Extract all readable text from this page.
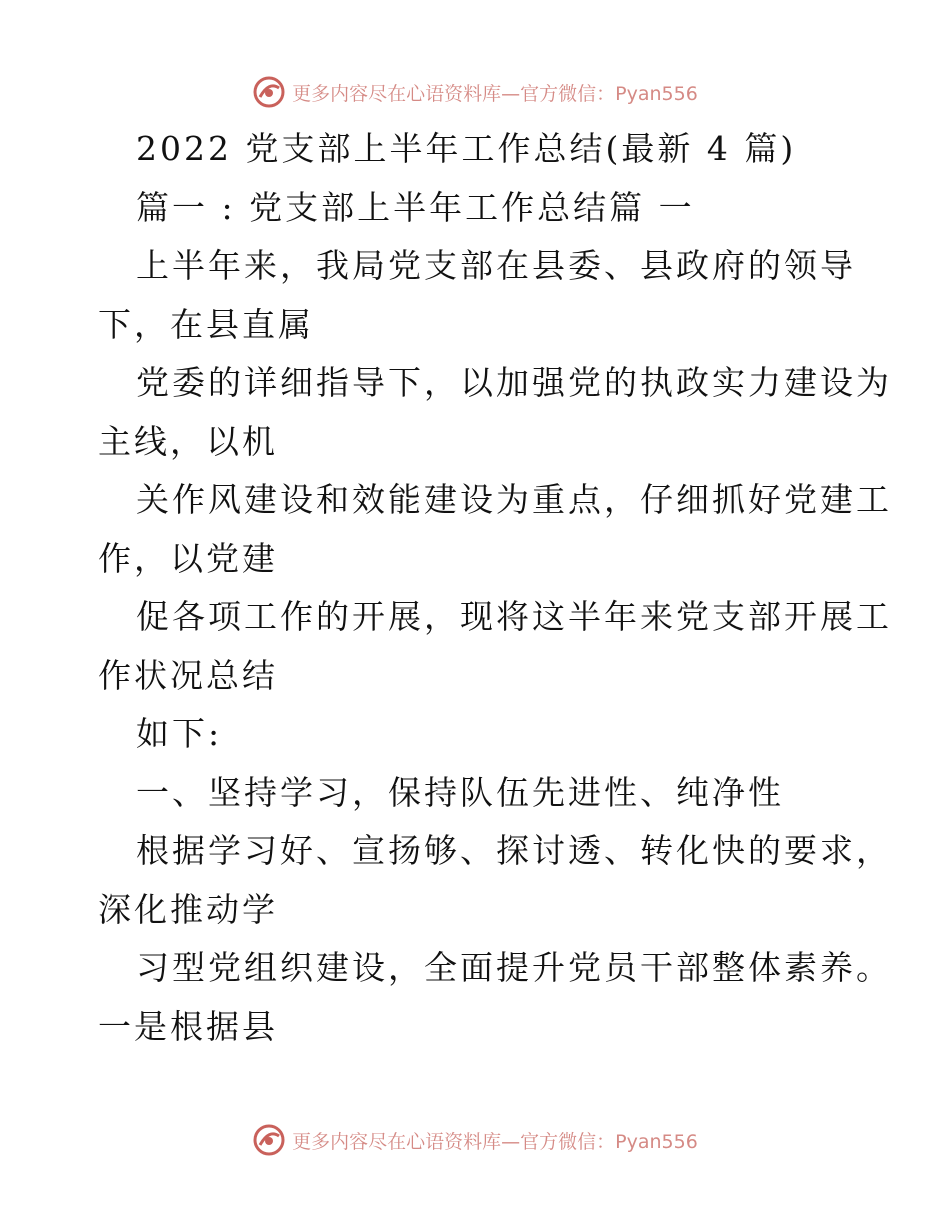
更多内容尽在心语资料库—官方微信：Pyan556
2022 党支部上半年工作总结(最新 4 篇)
篇一 : 党支部上半年工作总结篇 一
上半年来，我局党支部在县委、县政府的领导
下，在县直属
党委的详细指导下，以加强党的执政实力建设为
主线，以机
关作风建设和效能建设为重点，仔细抓好党建工
作，以党建
促各项工作的开展，现将这半年来党支部开展工
作状况总结
如下:
一、坚持学习，保持队伍先进性、纯净性
根据学习好、宣扬够、探讨透、转化快的要求，
深化推动学
习型党组织建设，全面提升党员干部整体素养。
一是根据县
更多内容尽在心语资料库—官方微信：Pyan556
